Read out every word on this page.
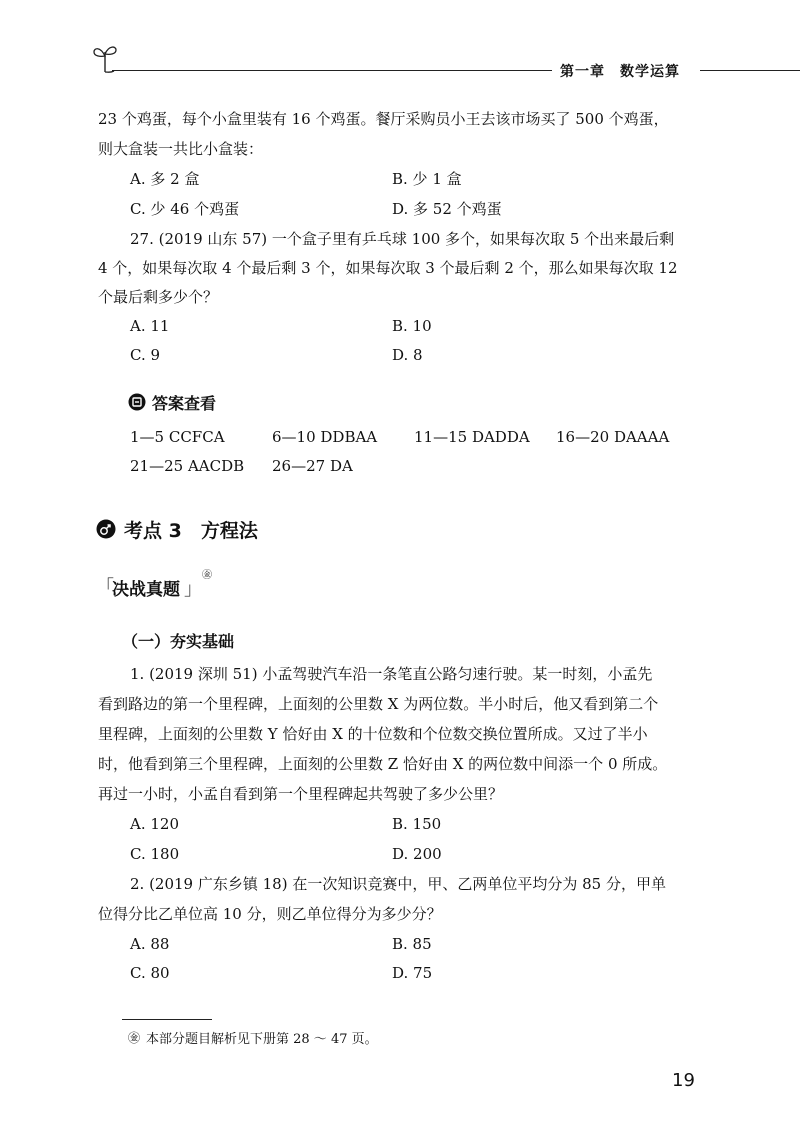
第一章　数学运算
23 个鸡蛋，每个小盒里装有 16 个鸡蛋。餐厅采购员小王去该市场买了 500 个鸡蛋，
则大盒装一共比小盒装：
A. 多 2 盒	B. 少 1 盒
C. 少 46 个鸡蛋	D. 多 52 个鸡蛋
27. (2019 山东 57) 一个盒子里有乒乓球 100 多个，如果每次取 5 个出来最后剩
4 个，如果每次取 4 个最后剩 3 个，如果每次取 3 个最后剩 2 个，那么如果每次取 12
个最后剩多少个？
A. 11	B. 10
C. 9	D. 8
答案查看
1—5 CCFCA	6—10 DDBAA 11—15 DADDA 16—20 DAAAA
21—25 AACDB 26—27 DA
考点 3　方程法
「
决战真题 」
㊎
（一）夯实基础
1. (2019 深圳 51) 小孟驾驶汽车沿一条笔直公路匀速行驶。某一时刻，小孟先
看到路边的第一个里程碑，上面刻的公里数 X 为两位数。半小时后，他又看到第二个
里程碑，上面刻的公里数 Y 恰好由 X 的十位数和个位数交换位置所成。又过了半小
时，他看到第三个里程碑，上面刻的公里数 Z 恰好由 X 的两位数中间添一个 0 所成。
再过一小时，小孟自看到第一个里程碑起共驾驶了多少公里？
A. 120	B. 150
C. 180	D. 200
2. (2019 广东乡镇 18) 在一次知识竞赛中，甲、乙两单位平均分为 85 分，甲单
位得分比乙单位高 10 分，则乙单位得分为多少分？
A. 88	B. 85
C. 80	D. 75
㊎ 本部分题目解析见下册第 28 ～ 47 页。
19
